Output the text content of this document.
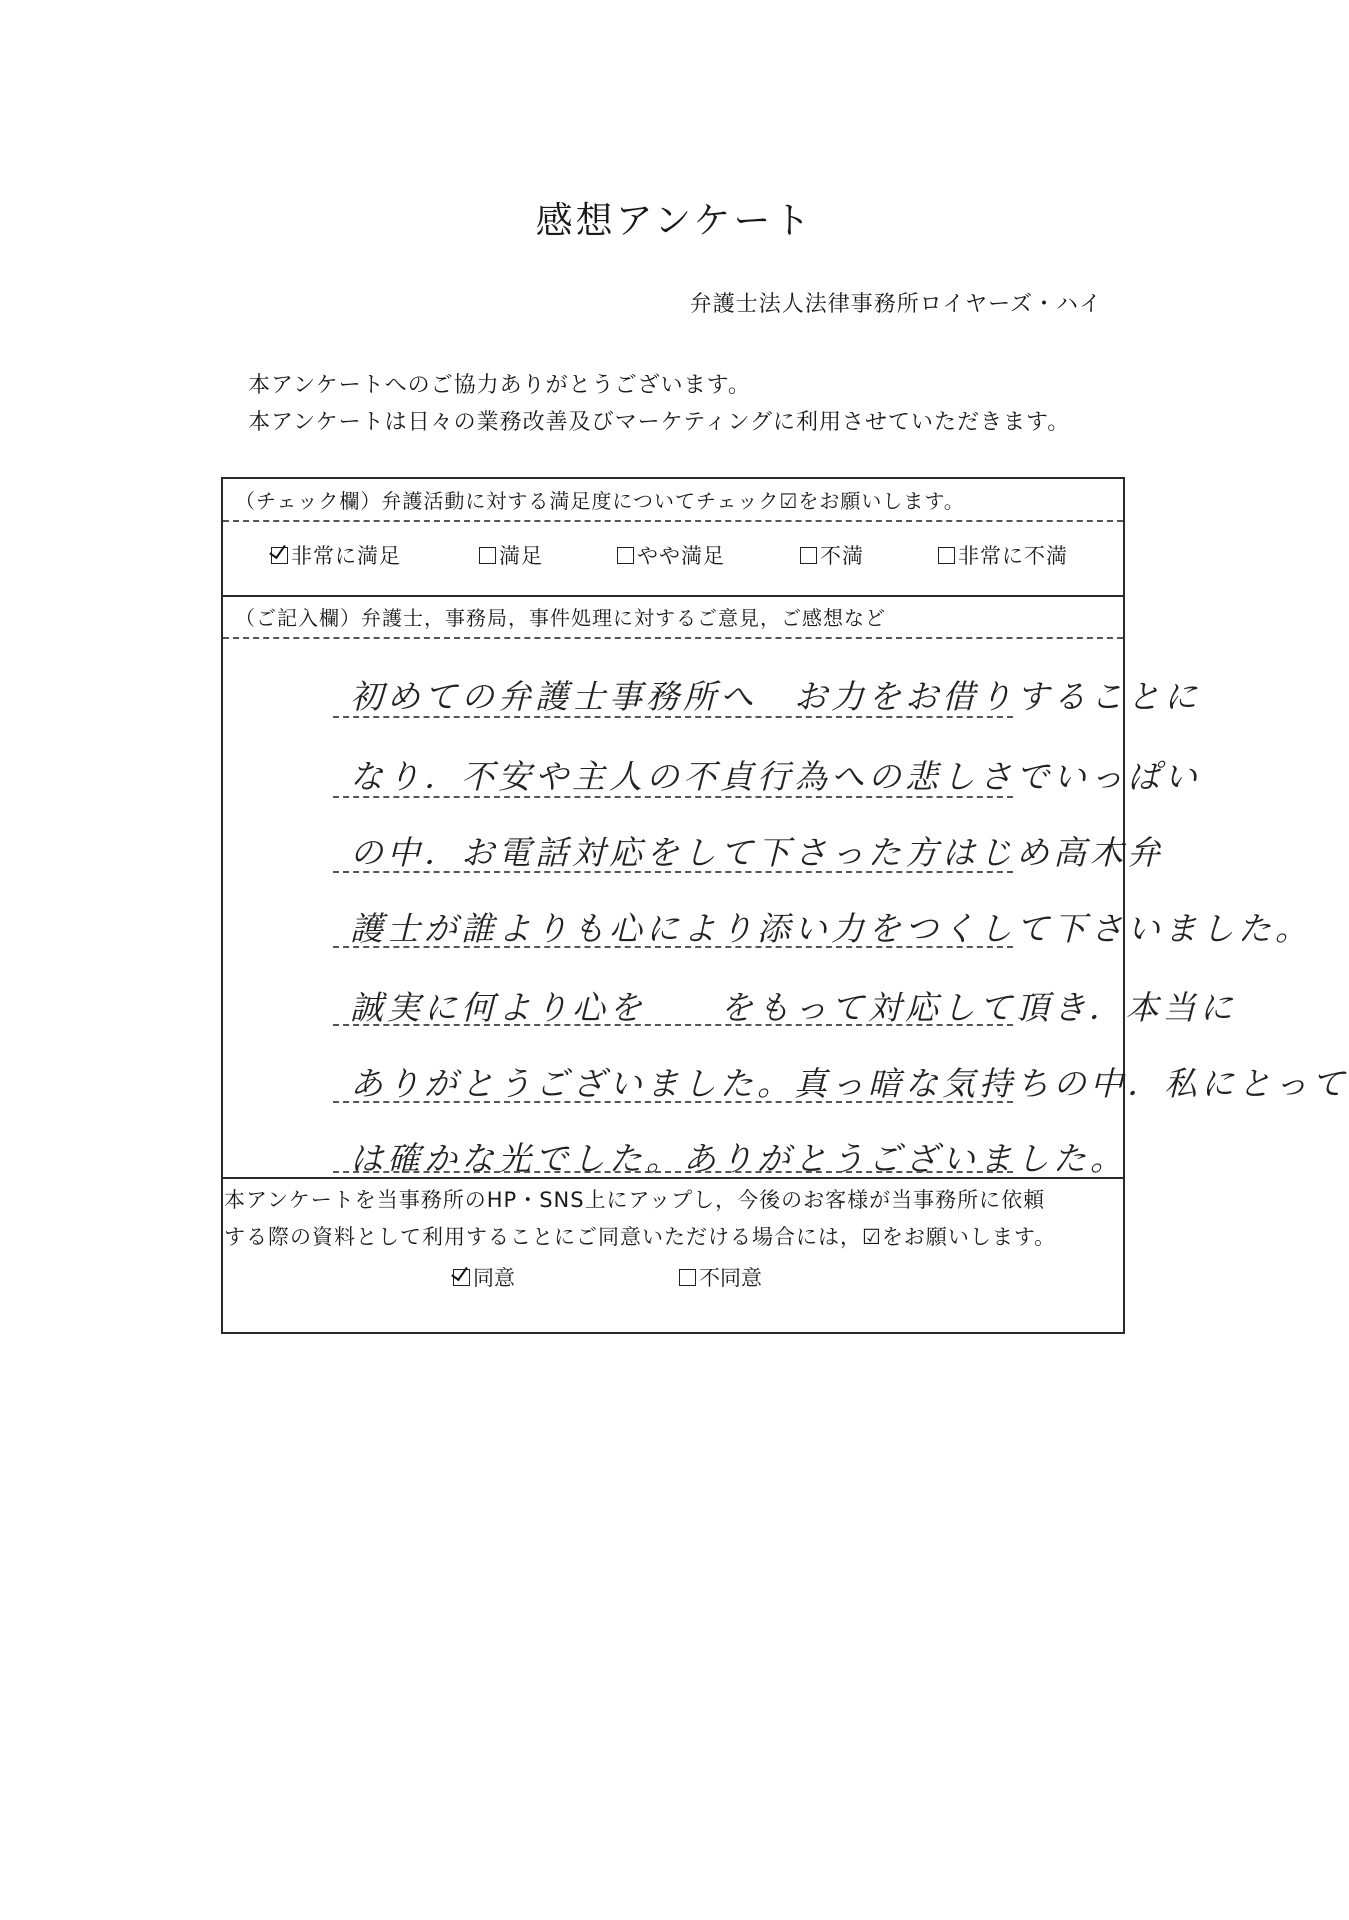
感想アンケート
弁護士法人法律事務所ロイヤーズ・ハイ
本アンケートへのご協力ありがとうございます。
本アンケートは日々の業務改善及びマーケティングに利用させていただきます。
（チェック欄）弁護活動に対する満足度についてチェック☑をお願いします。
（ご記入欄）弁護士，事務局，事件処理に対するご意見，ご感想など
非常に満足	満足	やや満足	不満	非常に不満
初めての弁護士事務所へ　お力をお借りすることに
なり．不安や主人の不貞行為への悲しさでいっぱい
の中．お電話対応をして下さった方はじめ高木弁
護士が誰よりも心により添い力をつくして下さいました。
誠実に何より心を　　をもって対応して頂き．本当に
ありがとうございました。真っ暗な気持ちの中．私にとって
は確かな光でした。ありがとうございました。
本アンケートを当事務所のHP・SNS上にアップし，今後のお客様が当事務所に依頼
する際の資料として利用することにご同意いただける場合には，☑をお願いします。
同意	不同意
